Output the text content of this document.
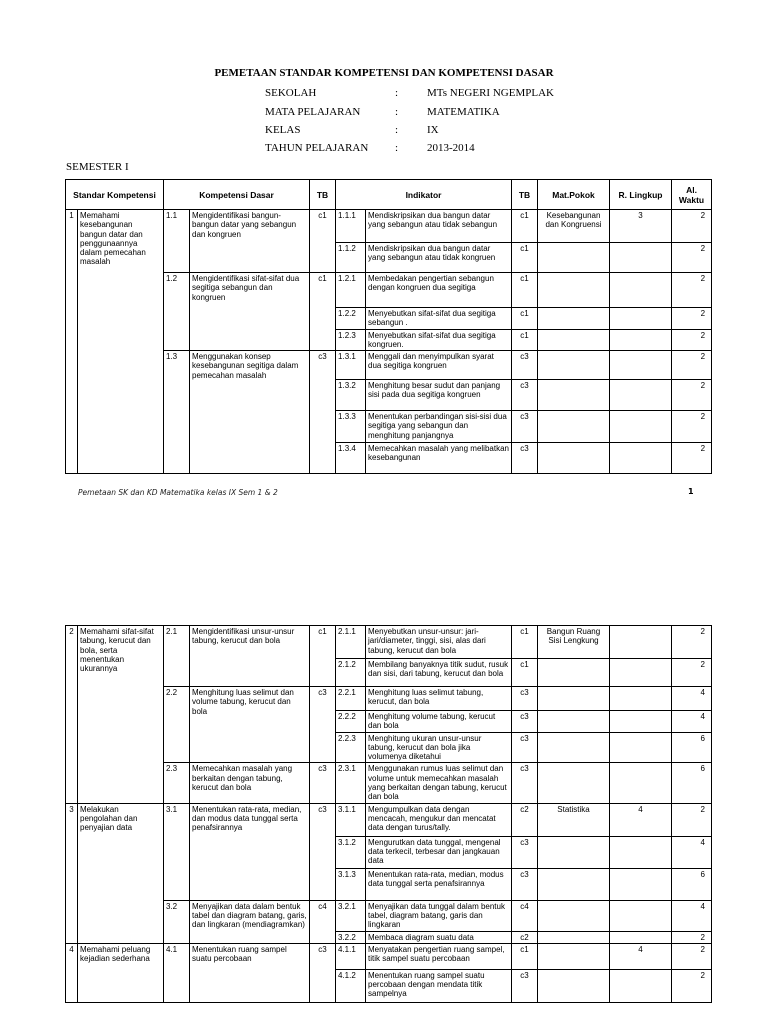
PEMETAAN STANDAR KOMPETENSI DAN KOMPETENSI DASAR
SEKOLAH	:	MTs NEGERI NGEMPLAK
MATA PELAJARAN	:	MATEMATIKA
KELAS	:	IX
TAHUN PELAJARAN :	2013-2014
SEMESTER I
Standar Kompetensi		Kompetensi Dasar		TB	Indikator		TB	Mat.Pokok	R. Lingkup	Al. Waktu
1	Memahami kesebangunan bangun datar dan penggunaannya dalam pemecahan masalah	1.1	Mengidentifikasi bangun-bangun datar yang sebangun dan kongruen	c1	1.1.1	Mendiskripsikan dua bangun datar yang sebangun atau tidak sebangun	c1	Kesebangunan dan Kongruensi	3	2
					1.1.2	Mendiskripsikan dua bangun datar yang sebangun atau tidak kongruen	c1			2
		1.2	Mengidentifikasi sifat-sifat dua segitiga sebangun dan kongruen	c1	1.2.1	Membedakan pengertian sebangun dengan kongruen dua segitiga	c1			2
					1.2.2	Menyebutkan sifat-sifat dua segitiga sebangun .	c1			2
					1.2.3	Menyebutkan sifat-sifat dua segitiga kongruen.	c1			2
		1.3	Menggunakan konsep kesebangunan segitiga dalam pemecahan masalah	c3	1.3.1	Menggali dan menyimpulkan syarat dua segitiga kongruen	c3			2
					1.3.2	Menghitung besar sudut dan panjang sisi pada dua segitiga kongruen	c3			2
					1.3.3	Menentukan perbandingan sisi-sisi dua segitiga yang sebangun dan menghitung panjangnya	c3			2
					1.3.4	Memecahkan masalah yang melibatkan kesebangunan	c3			2
Pemetaan SK dan KD Matematika kelas IX Sem 1 & 2	1
2	Memahami sifat-sifat tabung, kerucut dan bola, serta menentukan ukurannya	2.1	Mengidentifikasi unsur-unsur tabung, kerucut dan bola	c1	2.1.1	Menyebutkan unsur-unsur: jari-jari/diameter, tinggi, sisi, alas dari tabung, kerucut dan bola	c1	Bangun Ruang Sisi Lengkung		2
					2.1.2	Membilang banyaknya titik sudut, rusuk dan sisi, dari tabung, kerucut dan bola	c1			2
		2.2	Menghitung luas selimut dan volume tabung, kerucut dan bola	c3	2.2.1	Menghitung luas selimut tabung, kerucut, dan bola	c3			4
					2.2.2	Menghitung volume tabung, kerucut dan bola	c3			4
					2.2.3	Menghitung ukuran unsur-unsur tabung, kerucut dan bola jika volumenya diketahui	c3			6
		2.3	Memecahkan masalah yang berkaitan dengan tabung, kerucut dan bola	c3	2.3.1	Menggunakan rumus luas selimut dan volume untuk memecahkan masalah yang berkaitan dengan tabung, kerucut dan bola	c3			6
3	Melakukan pengolahan dan penyajian data	3.1	Menentukan rata-rata, median, dan modus data tunggal serta penafsirannya	c3	3.1.1	Mengumpulkan data dengan mencacah, mengukur dan mencatat data dengan turus/tally.	c2	Statistika	4	2
					3.1.2	Mengurutkan data tunggal, mengenal data terkecil, terbesar dan jangkauan data	c3			4
					3.1.3	Menentukan rata-rata, median, modus data tunggal serta penafsirannya	c3			6
		3.2	Menyajikan data dalam bentuk tabel dan diagram batang, garis, dan lingkaran (mendiagramkan)	c4	3.2.1	Menyajikan data tunggal dalam bentuk tabel, diagram batang, garis dan lingkaran	c4			4
					3.2.2	Membaca diagram suatu data	c2			2
4	Memahami peluang kejadian sederhana	4.1	Menentukan ruang sampel suatu percobaan	c3	4.1.1	Menyatakan pengertian ruang sampel, titik sampel suatu percobaan	c1		4	2
					4.1.2	Menentukan ruang sampel suatu percobaan dengan mendata titik sampelnya	c3			2
